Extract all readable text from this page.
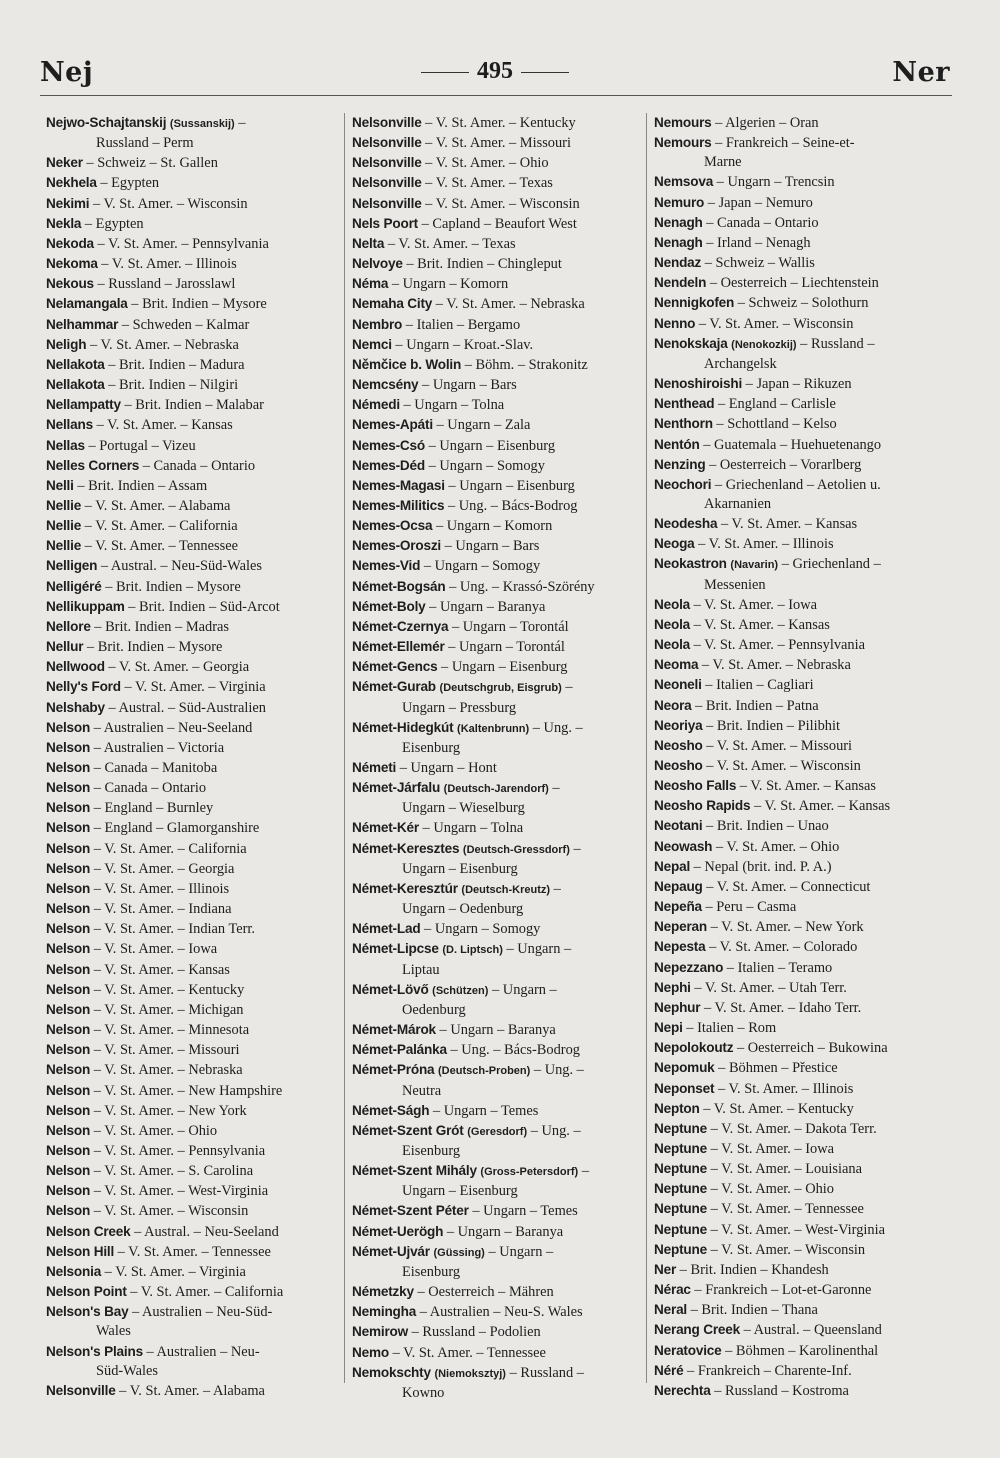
Nej	495	Ner
Nejwo-Schajtanskij (Sussanskij) –
Russland – Perm
Neker – Schweiz – St. Gallen
Nekhela – Egypten
Nekimi – V. St. Amer. – Wisconsin
Nekla – Egypten
Nekoda – V. St. Amer. – Pennsylvania
Nekoma – V. St. Amer. – Illinois
Nekous – Russland – Jarosslawl
Nelamangala – Brit. Indien – Mysore
Nelhammar – Schweden – Kalmar
Neligh – V. St. Amer. – Nebraska
Nellakota – Brit. Indien – Madura
Nellakota – Brit. Indien – Nilgiri
Nellampatty – Brit. Indien – Malabar
Nellans – V. St. Amer. – Kansas
Nellas – Portugal – Vizeu
Nelles Corners – Canada – Ontario
Nelli – Brit. Indien – Assam
Nellie – V. St. Amer. – Alabama
Nellie – V. St. Amer. – California
Nellie – V. St. Amer. – Tennessee
Nelligen – Austral. – Neu-Süd-Wales
Nelligéré – Brit. Indien – Mysore
Nellikuppam – Brit. Indien – Süd-Arcot
Nellore – Brit. Indien – Madras
Nellur – Brit. Indien – Mysore
Nellwood – V. St. Amer. – Georgia
Nelly's Ford – V. St. Amer. – Virginia
Nelshaby – Austral. – Süd-Australien
Nelson – Australien – Neu-Seeland
Nelson – Australien – Victoria
Nelson – Canada – Manitoba
Nelson – Canada – Ontario
Nelson – England – Burnley
Nelson – England – Glamorganshire
Nelson – V. St. Amer. – California
Nelson – V. St. Amer. – Georgia
Nelson – V. St. Amer. – Illinois
Nelson – V. St. Amer. – Indiana
Nelson – V. St. Amer. – Indian Terr.
Nelson – V. St. Amer. – Iowa
Nelson – V. St. Amer. – Kansas
Nelson – V. St. Amer. – Kentucky
Nelson – V. St. Amer. – Michigan
Nelson – V. St. Amer. – Minnesota
Nelson – V. St. Amer. – Missouri
Nelson – V. St. Amer. – Nebraska
Nelson – V. St. Amer. – New Hampshire
Nelson – V. St. Amer. – New York
Nelson – V. St. Amer. – Ohio
Nelson – V. St. Amer. – Pennsylvania
Nelson – V. St. Amer. – S. Carolina
Nelson – V. St. Amer. – West-Virginia
Nelson – V. St. Amer. – Wisconsin
Nelson Creek – Austral. – Neu-Seeland
Nelson Hill – V. St. Amer. – Tennessee
Nelsonia – V. St. Amer. – Virginia
Nelson Point – V. St. Amer. – California
Nelson's Bay – Australien – Neu-Süd-
Wales
Nelson's Plains – Australien – Neu-
Süd-Wales
Nelsonville – V. St. Amer. – Alabama
Nelsonville – V. St. Amer. – Kentucky
Nelsonville – V. St. Amer. – Missouri
Nelsonville – V. St. Amer. – Ohio
Nelsonville – V. St. Amer. – Texas
Nelsonville – V. St. Amer. – Wisconsin
Nels Poort – Capland – Beaufort West
Nelta – V. St. Amer. – Texas
Nelvoye – Brit. Indien – Chingleput
Néma – Ungarn – Komorn
Nemaha City – V. St. Amer. – Nebraska
Nembro – Italien – Bergamo
Nemci – Ungarn – Kroat.-Slav.
Němčice b. Wolin – Böhm. – Strakonitz
Nemcsény – Ungarn – Bars
Némedi – Ungarn – Tolna
Nemes-Apáti – Ungarn – Zala
Nemes-Csó – Ungarn – Eisenburg
Nemes-Déd – Ungarn – Somogy
Nemes-Magasi – Ungarn – Eisenburg
Nemes-Militics – Ung. – Bács-Bodrog
Nemes-Ocsa – Ungarn – Komorn
Nemes-Oroszi – Ungarn – Bars
Nemes-Vid – Ungarn – Somogy
Német-Bogsán – Ung. – Krassó-Szörény
Német-Boly – Ungarn – Baranya
Német-Czernya – Ungarn – Torontál
Német-Ellemér – Ungarn – Torontál
Német-Gencs – Ungarn – Eisenburg
Német-Gurab (Deutschgrub, Eisgrub) –
Ungarn – Pressburg
Német-Hidegkút (Kaltenbrunn) – Ung. –
Eisenburg
Németi – Ungarn – Hont
Német-Járfalu (Deutsch-Jarendorf) –
Ungarn – Wieselburg
Német-Kér – Ungarn – Tolna
Német-Keresztes (Deutsch-Gressdorf) –
Ungarn – Eisenburg
Német-Keresztúr (Deutsch-Kreutz) –
Ungarn – Oedenburg
Német-Lad – Ungarn – Somogy
Német-Lipcse (D. Liptsch) – Ungarn –
Liptau
Német-Lövő (Schützen) – Ungarn –
Oedenburg
Német-Márok – Ungarn – Baranya
Német-Palánka – Ung. – Bács-Bodrog
Német-Próna (Deutsch-Proben) – Ung. –
Neutra
Német-Ságh – Ungarn – Temes
Német-Szent Grót (Geresdorf) – Ung. –
Eisenburg
Német-Szent Mihály (Gross-Petersdorf) –
Ungarn – Eisenburg
Német-Szent Péter – Ungarn – Temes
Német-Uerögh – Ungarn – Baranya
Német-Ujvár (Güssing) – Ungarn –
Eisenburg
Németzky – Oesterreich – Mähren
Nemingha – Australien – Neu-S. Wales
Nemirow – Russland – Podolien
Nemo – V. St. Amer. – Tennessee
Nemokschty (Niemoksztyj) – Russland –
Kowno
Nemours – Algerien – Oran
Nemours – Frankreich – Seine-et-
Marne
Nemsova – Ungarn – Trencsin
Nemuro – Japan – Nemuro
Nenagh – Canada – Ontario
Nenagh – Irland – Nenagh
Nendaz – Schweiz – Wallis
Nendeln – Oesterreich – Liechtenstein
Nennigkofen – Schweiz – Solothurn
Nenno – V. St. Amer. – Wisconsin
Nenokskaja (Nenokozkij) – Russland –
Archangelsk
Nenoshiroishi – Japan – Rikuzen
Nenthead – England – Carlisle
Nenthorn – Schottland – Kelso
Nentón – Guatemala – Huehuetenango
Nenzing – Oesterreich – Vorarlberg
Neochori – Griechenland – Aetolien u.
Akarnanien
Neodesha – V. St. Amer. – Kansas
Neoga – V. St. Amer. – Illinois
Neokastron (Navarin) – Griechenland –
Messenien
Neola – V. St. Amer. – Iowa
Neola – V. St. Amer. – Kansas
Neola – V. St. Amer. – Pennsylvania
Neoma – V. St. Amer. – Nebraska
Neoneli – Italien – Cagliari
Neora – Brit. Indien – Patna
Neoriya – Brit. Indien – Pilibhit
Neosho – V. St. Amer. – Missouri
Neosho – V. St. Amer. – Wisconsin
Neosho Falls – V. St. Amer. – Kansas
Neosho Rapids – V. St. Amer. – Kansas
Neotani – Brit. Indien – Unao
Neowash – V. St. Amer. – Ohio
Nepal – Nepal (brit. ind. P. A.)
Nepaug – V. St. Amer. – Connecticut
Nepeña – Peru – Casma
Neperan – V. St. Amer. – New York
Nepesta – V. St. Amer. – Colorado
Nepezzano – Italien – Teramo
Nephi – V. St. Amer. – Utah Terr.
Nephur – V. St. Amer. – Idaho Terr.
Nepi – Italien – Rom
Nepolokoutz – Oesterreich – Bukowina
Nepomuk – Böhmen – Přestice
Neponset – V. St. Amer. – Illinois
Nepton – V. St. Amer. – Kentucky
Neptune – V. St. Amer. – Dakota Terr.
Neptune – V. St. Amer. – Iowa
Neptune – V. St. Amer. – Louisiana
Neptune – V. St. Amer. – Ohio
Neptune – V. St. Amer. – Tennessee
Neptune – V. St. Amer. – West-Virginia
Neptune – V. St. Amer. – Wisconsin
Ner – Brit. Indien – Khandesh
Nérac – Frankreich – Lot-et-Garonne
Neral – Brit. Indien – Thana
Nerang Creek – Austral. – Queensland
Neratovice – Böhmen – Karolinenthal
Néré – Frankreich – Charente-Inf.
Nerechta – Russland – Kostroma
